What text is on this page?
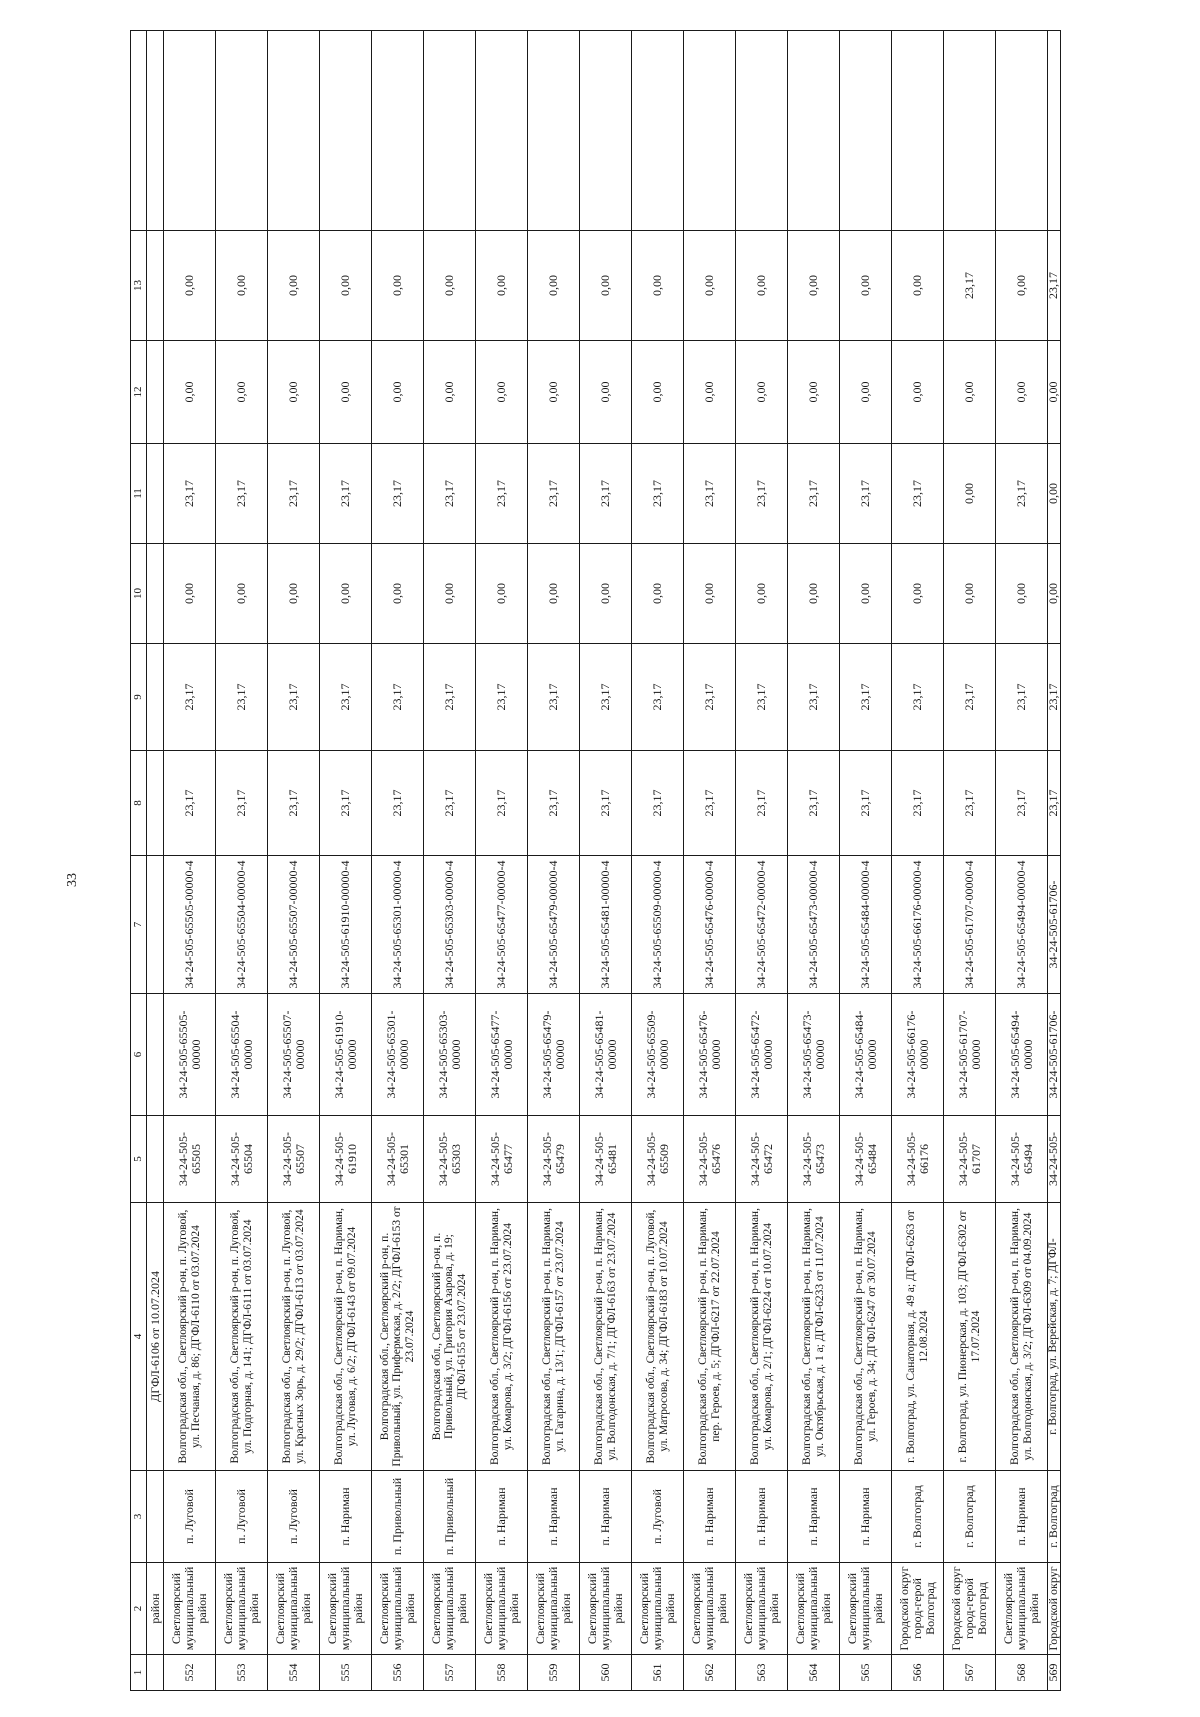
33
1	2	3	4	5	6	7	8	9	10	11	12	13	
	район		ДГФЛ-6106 от 10.07.2024										
552	Светлоярский муниципальный район	п. Луговой	Волгоградская обл., Светлоярский р-он, п. Луговой, ул. Песчаная, д. 86; ДГФЛ-6110 от 03.07.2024	34-24-505-65505	34-24-505-65505-00000	34-24-505-65505-00000-4	23,17	23,17	0,00	23,17	0,00	0,00	
553	Светлоярский муниципальный район	п. Луговой	Волгоградская обл., Светлоярский р-он, п. Луговой, ул. Подгорная, д. 141; ДГФЛ-6111 от 03.07.2024	34-24-505-65504	34-24-505-65504-00000	34-24-505-65504-00000-4	23,17	23,17	0,00	23,17	0,00	0,00	
554	Светлоярский муниципальный район	п. Луговой	Волгоградская обл., Светлоярский р-он, п. Луговой, ул. Красных Зорь, д. 29/2; ДГФЛ-6113 от 03.07.2024	34-24-505-65507	34-24-505-65507-00000	34-24-505-65507-00000-4	23,17	23,17	0,00	23,17	0,00	0,00	
555	Светлоярский муниципальный район	п. Нариман	Волгоградская обл., Светлоярский р-он, п. Нариман, ул. Луговая, д. 6/2; ДГФЛ-6143 от 09.07.2024	34-24-505-61910	34-24-505-61910-00000	34-24-505-61910-00000-4	23,17	23,17	0,00	23,17	0,00	0,00	
556	Светлоярский муниципальный район	п. Привольный	Волгоградская обл., Светлоярский р-он, п. Привольный, ул. Прифермская, д. 2/2; ДГФЛ-6153 от 23.07.2024	34-24-505-65301	34-24-505-65301-00000	34-24-505-65301-00000-4	23,17	23,17	0,00	23,17	0,00	0,00	
557	Светлоярский муниципальный район	п. Привольный	Волгоградская обл., Светлоярский р-он, п. Привольный, ул. Григория Азарова, д. 19; ДГФЛ-6155 от 23.07.2024	34-24-505-65303	34-24-505-65303-00000	34-24-505-65303-00000-4	23,17	23,17	0,00	23,17	0,00	0,00	
558	Светлоярский муниципальный район	п. Нариман	Волгоградская обл., Светлоярский р-он, п. Нариман, ул. Комарова, д. 3/2; ДГФЛ-6156 от 23.07.2024	34-24-505-65477	34-24-505-65477-00000	34-24-505-65477-00000-4	23,17	23,17	0,00	23,17	0,00	0,00	
559	Светлоярский муниципальный район	п. Нариман	Волгоградская обл., Светлоярский р-он, п. Нариман, ул. Гагарина, д. 13/1; ДГФЛ-6157 от 23.07.2024	34-24-505-65479	34-24-505-65479-00000	34-24-505-65479-00000-4	23,17	23,17	0,00	23,17	0,00	0,00	
560	Светлоярский муниципальный район	п. Нариман	Волгоградская обл., Светлоярский р-он, п. Нариман, ул. Волгодонская, д. 7/1; ДГФЛ-6163 от 23.07.2024	34-24-505-65481	34-24-505-65481-00000	34-24-505-65481-00000-4	23,17	23,17	0,00	23,17	0,00	0,00	
561	Светлоярский муниципальный район	п. Луговой	Волгоградская обл., Светлоярский р-он, п. Луговой, ул. Матросова, д. 34; ДГФЛ-6183 от 10.07.2024	34-24-505-65509	34-24-505-65509-00000	34-24-505-65509-00000-4	23,17	23,17	0,00	23,17	0,00	0,00	
562	Светлоярский муниципальный район	п. Нариман	Волгоградская обл., Светлоярский р-он, п. Нариман, пер. Героев, д. 5; ДГФЛ-6217 от 22.07.2024	34-24-505-65476	34-24-505-65476-00000	34-24-505-65476-00000-4	23,17	23,17	0,00	23,17	0,00	0,00	
563	Светлоярский муниципальный район	п. Нариман	Волгоградская обл., Светлоярский р-он, п. Нариман, ул. Комарова, д. 2/1; ДГФЛ-6224 от 10.07.2024	34-24-505-65472	34-24-505-65472-00000	34-24-505-65472-00000-4	23,17	23,17	0,00	23,17	0,00	0,00	
564	Светлоярский муниципальный район	п. Нариман	Волгоградская обл., Светлоярский р-он, п. Нариман, ул. Октябрьская, д. 1 а; ДГФЛ-6233 от 11.07.2024	34-24-505-65473	34-24-505-65473-00000	34-24-505-65473-00000-4	23,17	23,17	0,00	23,17	0,00	0,00	
565	Светлоярский муниципальный район	п. Нариман	Волгоградская обл., Светлоярский р-он, п. Нариман, ул. Героев, д. 34; ДГФЛ-6247 от 30.07.2024	34-24-505-65484	34-24-505-65484-00000	34-24-505-65484-00000-4	23,17	23,17	0,00	23,17	0,00	0,00	
566	Городской округ город-герой Волгоград	г. Волгоград	г. Волгоград, ул. Санаторная, д. 49 а; ДГФЛ-6263 от 12.08.2024	34-24-505-66176	34-24-505-66176-00000	34-24-505-66176-00000-4	23,17	23,17	0,00	23,17	0,00	0,00	
567	Городской округ город-герой Волгоград	г. Волгоград	г. Волгоград, ул. Пионерская, д. 103; ДГФЛ-6302 от 17.07.2024	34-24-505-61707	34-24-505-61707-00000	34-24-505-61707-00000-4	23,17	23,17	0,00	0,00	0,00	23,17	
568	Светлоярский муниципальный район	п. Нариман	Волгоградская обл., Светлоярский р-он, п. Нариман, ул. Волгодонская, д. 3/2; ДГФЛ-6309 от 04.09.2024	34-24-505-65494	34-24-505-65494-00000	34-24-505-65494-00000-4	23,17	23,17	0,00	23,17	0,00	0,00	
569	Городской округ	г. Волгоград	г. Волгоград, ул. Верейская, д. 7; ДГФЛ-	34-24-505-	34-24-505-61706-	34-24-505-61706-	23,17	23,17	0,00	0,00	0,00	23,17	
